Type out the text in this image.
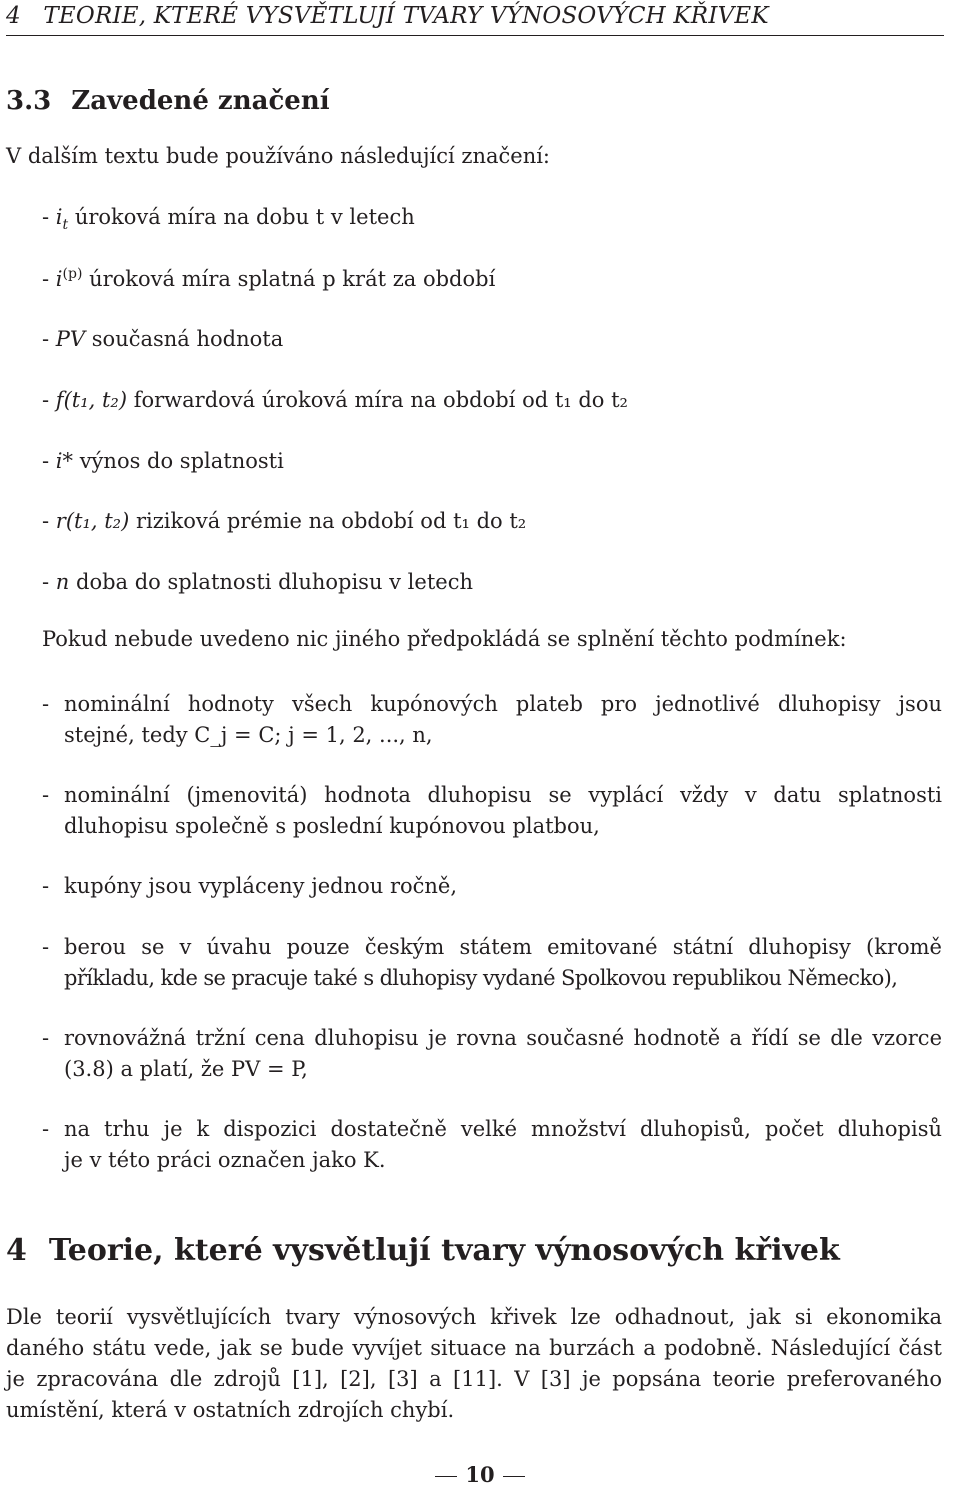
4   TEORIE, KTERÉ VYSVĚTLUJÍ TVARY VÝNOSOVÝCH KŘIVEK
3.3 Zavedené značení
V dalším textu bude používáno následující značení:
- $i_t$ úroková míra na dobu t v letech
- $i^{(p)}$ úroková míra splatná p krát za období
- PV současná hodnota
- f(t₁, t₂) forwardová úroková míra na období od t₁ do t₂
- i* výnos do splatnosti
- r(t₁, t₂) riziková prémie na období od t₁ do t₂
- n doba do splatnosti dluhopisu v letech
Pokud nebude uvedeno nic jiného předpokládá se splnění těchto podmínek:
- nominální hodnoty všech kupónových plateb pro jednotlivé dluhopisy jsou
stejné, tedy C_j = C; j = 1, 2, ..., n,
- nominální (jmenovitá) hodnota dluhopisu se vyplácí vždy v datu splatnosti
dluhopisu společně s poslední kupónovou platbou,
- kupóny jsou vypláceny jednou ročně,
- berou se v úvahu pouze českým státem emitované státní dluhopisy (kromě
příkladu, kde se pracuje také s dluhopisy vydané Spolkovou republikou Německo),
- rovnovážná tržní cena dluhopisu je rovna současné hodnotě a řídí se dle vzorce
(3.8) a platí, že PV = P,
- na trhu je k dispozici dostatečně velké množství dluhopisů, počet dluhopisů
je v této práci označen jako K.
4 Teorie, které vysvětlují tvary výnosových křivek
Dle teorií vysvětlujících tvary výnosových křivek lze odhadnout, jak si ekonomika
daného státu vede, jak se bude vyvíjet situace na burzách a podobně. Následující část
je zpracována dle zdrojů [1], [2], [3] a [11]. V [3] je popsána teorie preferovaného
umístění, která v ostatních zdrojích chybí.
10
